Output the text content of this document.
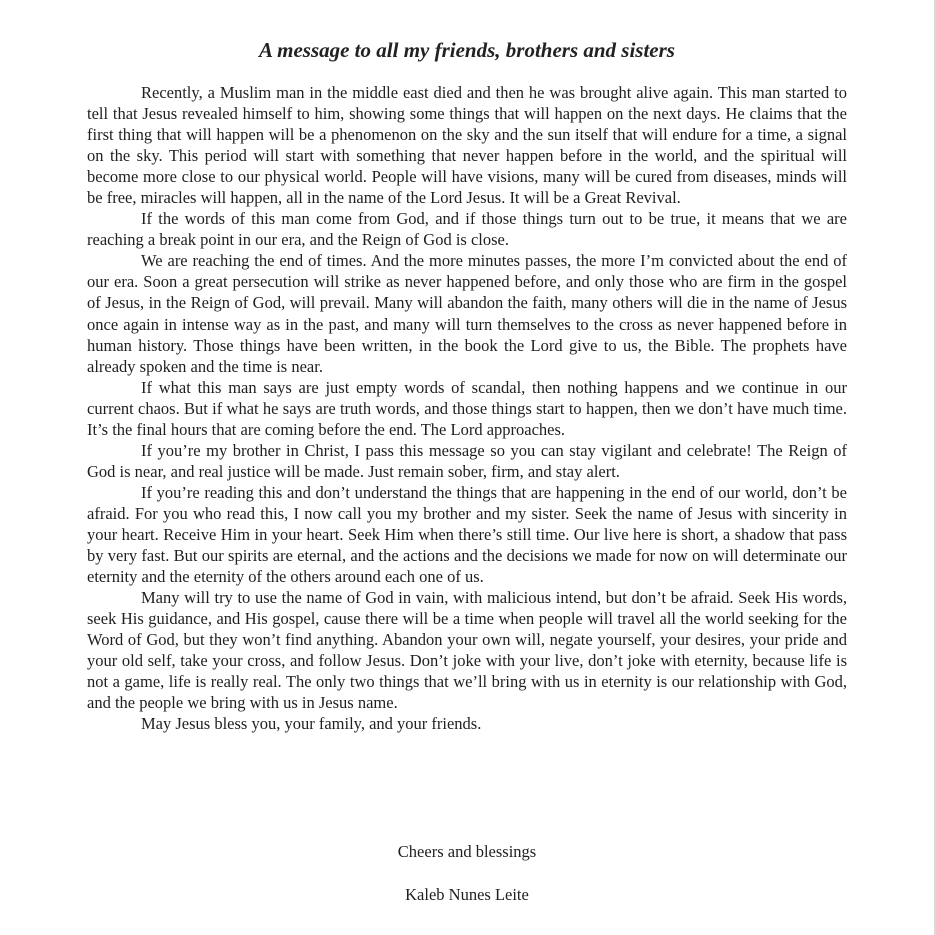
A message to all my friends, brothers and sisters

Recently, a Muslim man in the middle east died and then he was brought alive again. This man started to tell that Jesus revealed himself to him, showing some things that will happen on the next days. He claims that the first thing that will happen will be a phenomenon on the sky and the sun itself that will endure for a time, a signal on the sky. This period will start with something that never happen before in the world, and the spiritual will become more close to our physical world. People will have visions, many will be cured from diseases, minds will be free, miracles will happen, all in the name of the Lord Jesus. It will be a Great Revival.

If the words of this man come from God, and if those things turn out to be true, it means that we are reaching a break point in our era, and the Reign of God is close.

We are reaching the end of times. And the more minutes passes, the more I’m convicted about the end of our era. Soon a great persecution will strike as never happened before, and only those who are firm in the gospel of Jesus, in the Reign of God, will prevail. Many will abandon the faith, many others will die in the name of Jesus once again in intense way as in the past, and many will turn themselves to the cross as never happened before in human history. Those things have been written, in the book the Lord give to us, the Bible. The prophets have already spoken and the time is near.

If what this man says are just empty words of scandal, then nothing happens and we continue in our current chaos. But if what he says are truth words, and those things start to happen, then we don’t have much time. It’s the final hours that are coming before the end. The Lord approaches.

If you’re my brother in Christ, I pass this message so you can stay vigilant and celebrate! The Reign of God is near, and real justice will be made. Just remain sober, firm, and stay alert.

If you’re reading this and don’t understand the things that are happening in the end of our world, don’t be afraid. For you who read this, I now call you my brother and my sister. Seek the name of Jesus with sincerity in your heart. Receive Him in your heart. Seek Him when there’s still time. Our live here is short, a shadow that pass by very fast. But our spirits are eternal, and the actions and the decisions we made for now on will determinate our eternity and the eternity of the others around each one of us.

Many will try to use the name of God in vain, with malicious intend, but don’t be afraid. Seek His words, seek His guidance, and His gospel, cause there will be a time when people will travel all the world seeking for the Word of God, but they won’t find anything. Abandon your own will, negate yourself, your desires, your pride and your old self, take your cross, and follow Jesus. Don’t joke with your live, don’t joke with eternity, because life is not a game, life is really real. The only two things that we’ll bring with us in eternity is our relationship with God, and the people we bring with us in Jesus name.

May Jesus bless you, your family, and your friends.

Cheers and blessings

Kaleb Nunes Leite
